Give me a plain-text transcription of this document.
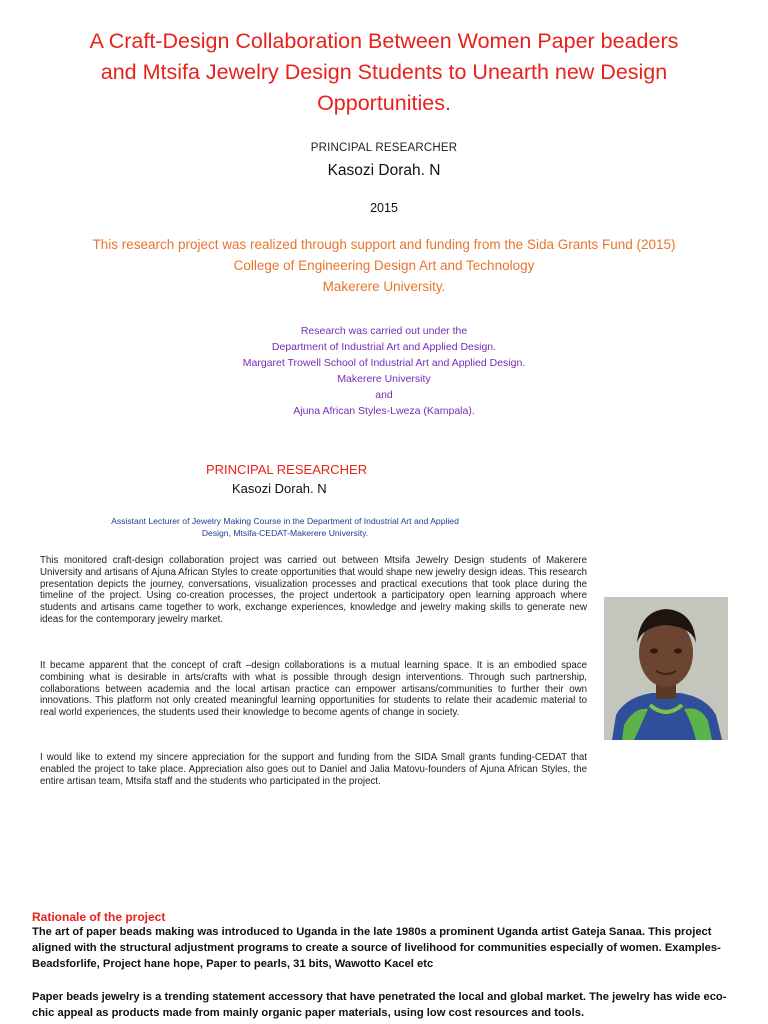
A Craft-Design Collaboration Between Women Paper beaders
and Mtsifa Jewelry Design Students to Unearth new Design
Opportunities.
PRINCIPAL RESEARCHER
Kasozi Dorah. N
2015
This research project was realized through support and funding from the Sida Grants Fund (2015)
College of Engineering Design Art and Technology
Makerere University.
Research was carried out under the
Department of Industrial Art and Applied Design.
Margaret Trowell School of Industrial Art and Applied Design.
Makerere University
and
Ajuna African Styles-Lweza (Kampala).
PRINCIPAL RESEARCHER
Kasozi Dorah. N
Assistant Lecturer of Jewelry Making Course in the Department of Industrial Art and Applied
Design, Mtsifa-CEDAT-Makerere University.
This monitored craft-design collaboration project was carried out between Mtsifa Jewelry Design students of Makerere University and artisans of Ajuna African Styles to create opportunities that would shape new jewelry design ideas. This research presentation depicts the journey, conversations, visualization processes and practical executions that took place during the timeline of the project. Using co-creation processes, the project undertook a participatory open learning approach where students and artisans came together to work, exchange experiences, knowledge and jewelry making skills to generate new ideas for the contemporary jewelry market.
It became apparent that the concept of craft –design collaborations is a mutual learning space. It is an embodied space combining what is desirable in arts/crafts with what is possible through design interventions. Through such partnership, collaborations between academia and the local artisan practice can empower artisans/communities to further their own innovations. This platform not only created meaningful learning opportunities for students to relate their academic material to real world experiences, the students used their knowledge to become agents of change in society.
I would like to extend my sincere appreciation for the support and funding from the SIDA Small grants funding-CEDAT that enabled the project to take place. Appreciation also goes out to Daniel and Jalia Matovu-founders of Ajuna African Styles, the entire artisan team, Mtsifa staff and the students who participated in the project.
Rationale of the project
The art of paper beads making was introduced to Uganda in the late 1980s a prominent Uganda artist Gateja Sanaa. This project aligned with the structural adjustment programs to create a source of livelihood for communities especially of women. Examples-Beadsforlife, Project hane hope, Paper to pearls, 31 bits, Wawotto Kacel etc
Paper beads jewelry is a trending statement accessory that have penetrated the local and global market. The jewelry has wide eco-chic appeal as products made from mainly organic paper materials, using low cost resources and tools.
